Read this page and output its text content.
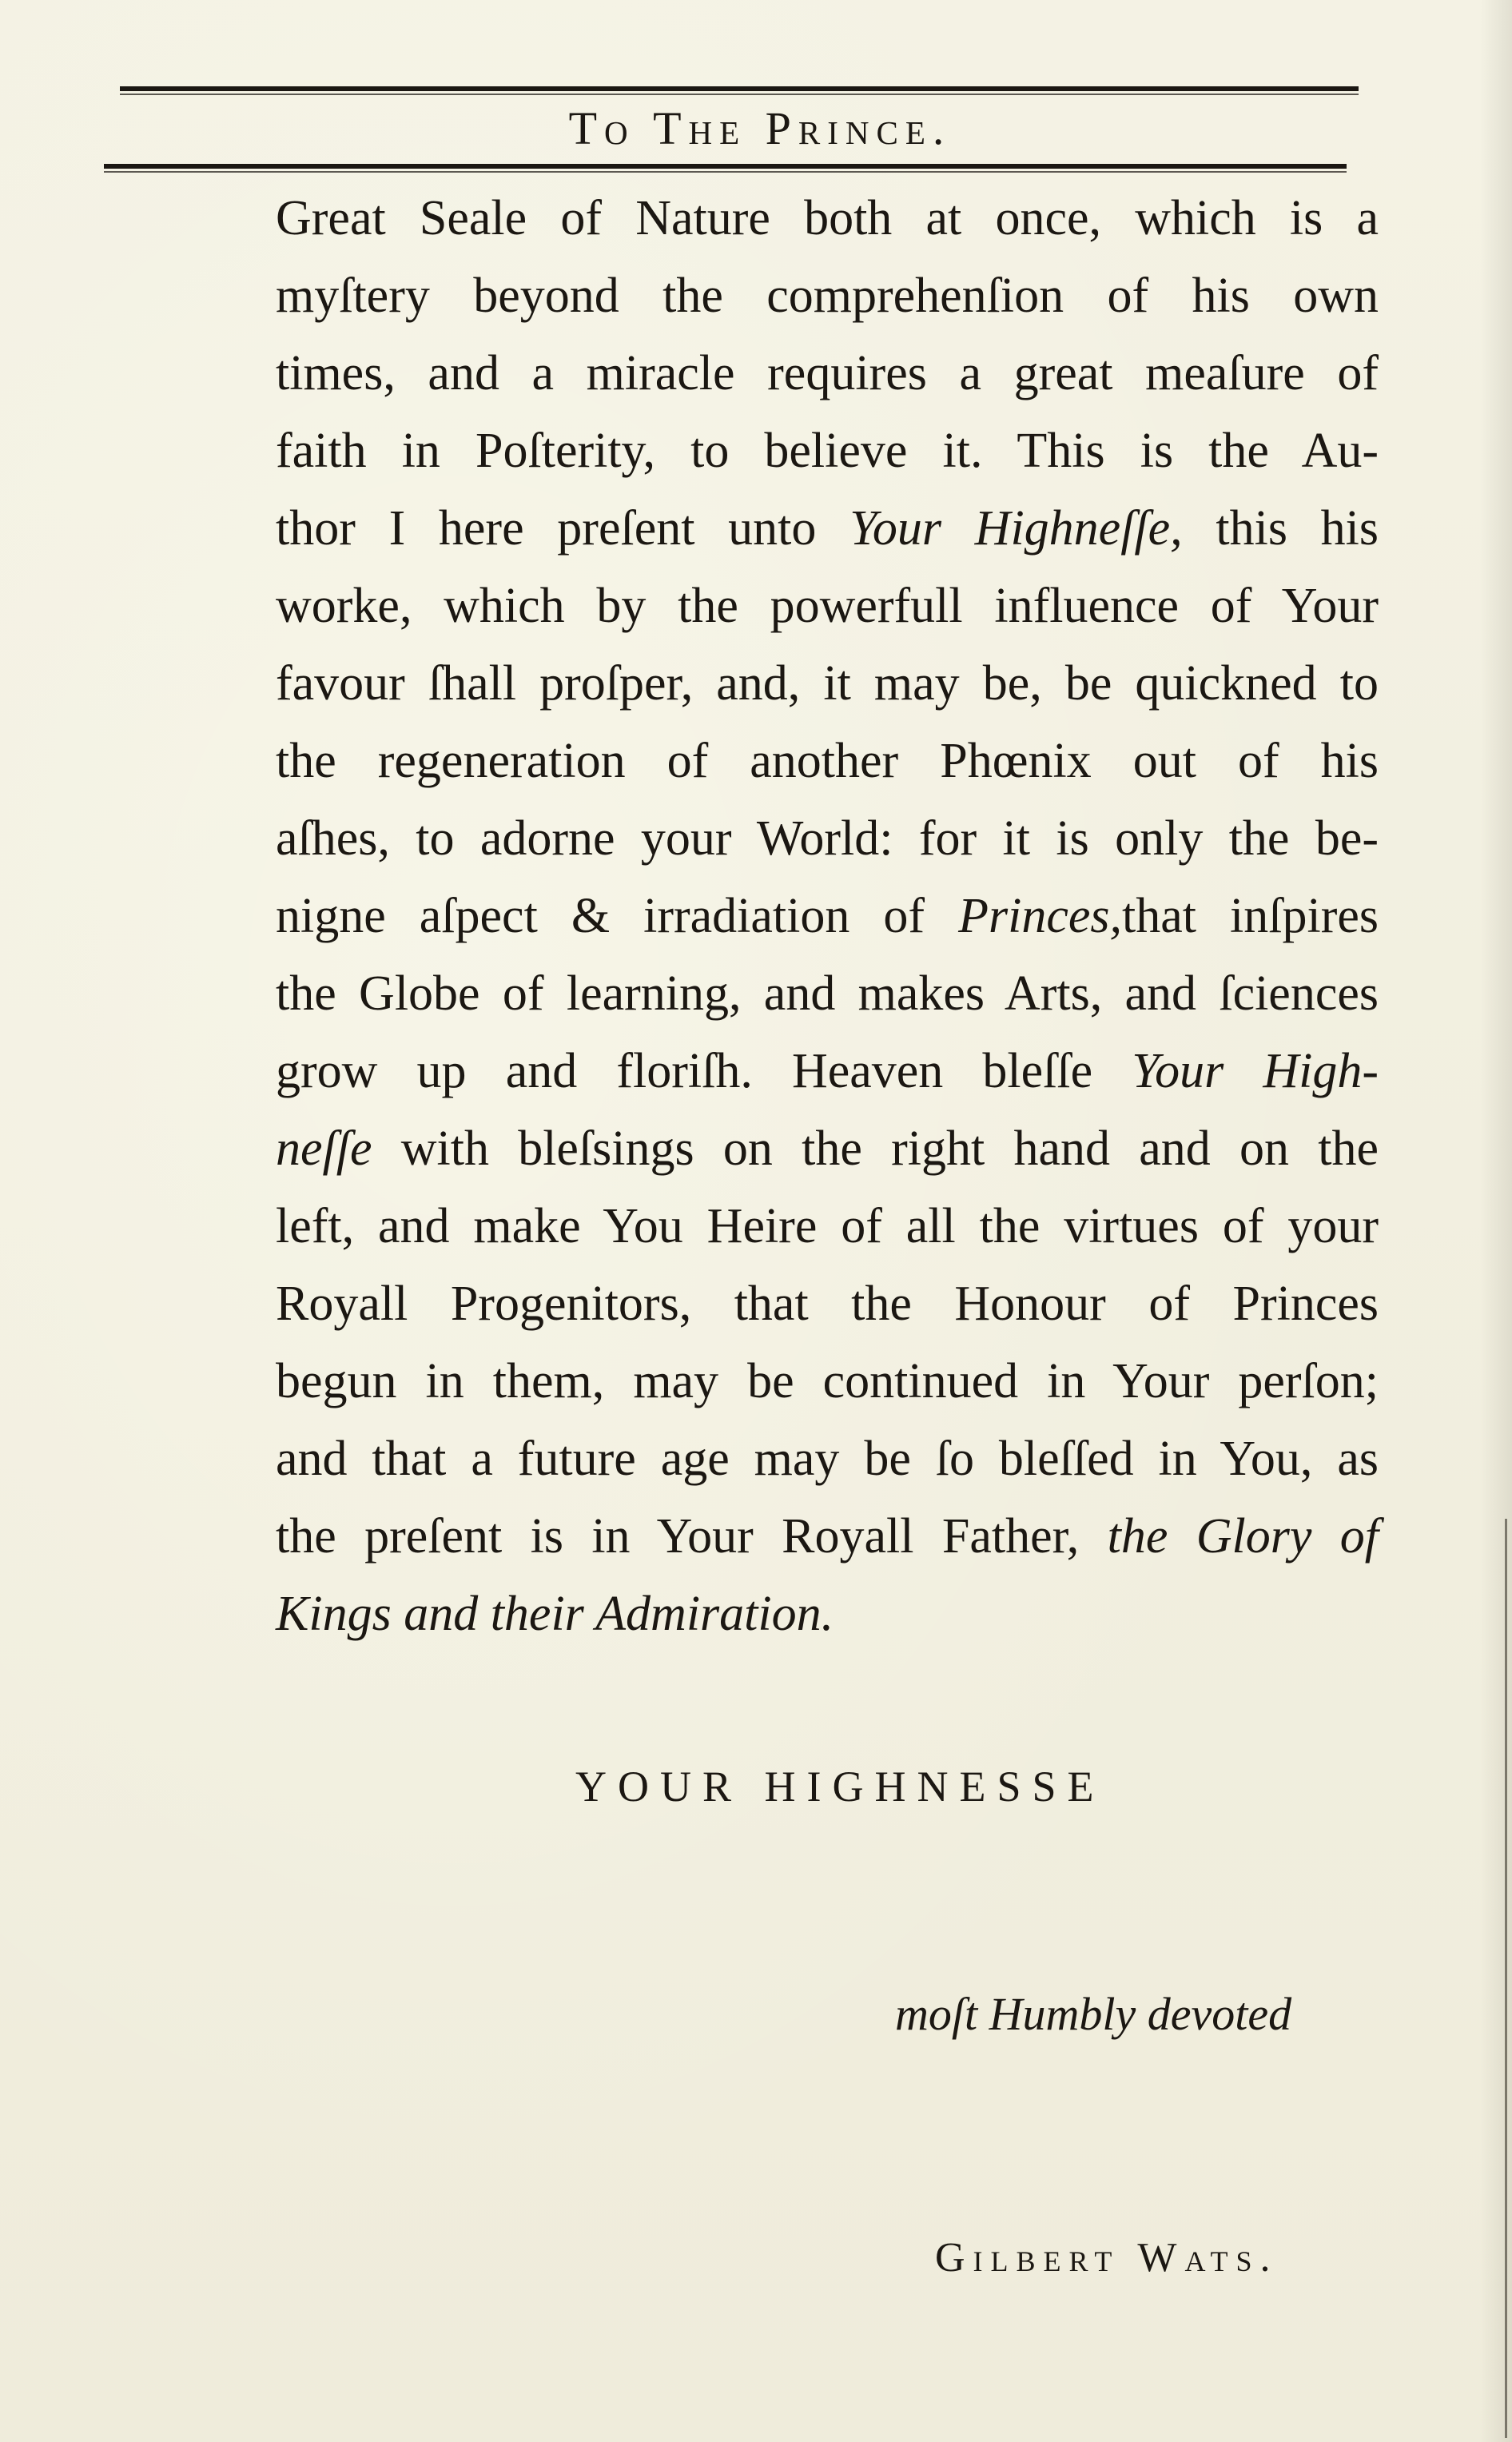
To The Prince.
Great Seale of Nature both at once, which is a
myſtery beyond the comprehenſion of his own
times, and a miracle requires a great meaſure of
faith in Poſterity, to believe it. This is the Au-
thor I here preſent unto Your Highneſſe, this his
worke, which by the powerfull influence of Your
favour ſhall proſper, and, it may be, be quickned to
the regeneration of another Phœnix out of his
aſhes, to adorne your World: for it is only the be-
nigne aſpect & irradiation of Princes,that inſpires
the Globe of learning, and makes Arts, and ſciences
grow up and floriſh. Heaven bleſſe Your High-
neſſe with bleſsings on the right hand and on the
left, and make You Heire of all the virtues of your
Royall Progenitors, that the Honour of Princes
begun in them, may be continued in Your perſon;
and that a future age may be ſo bleſſed in You, as
the preſent is in Your Royall Father, the Glory of
Kings and their Admiration.
YOUR HIGHNESSE
moſt Humbly devoted
Gilbert Wats.
